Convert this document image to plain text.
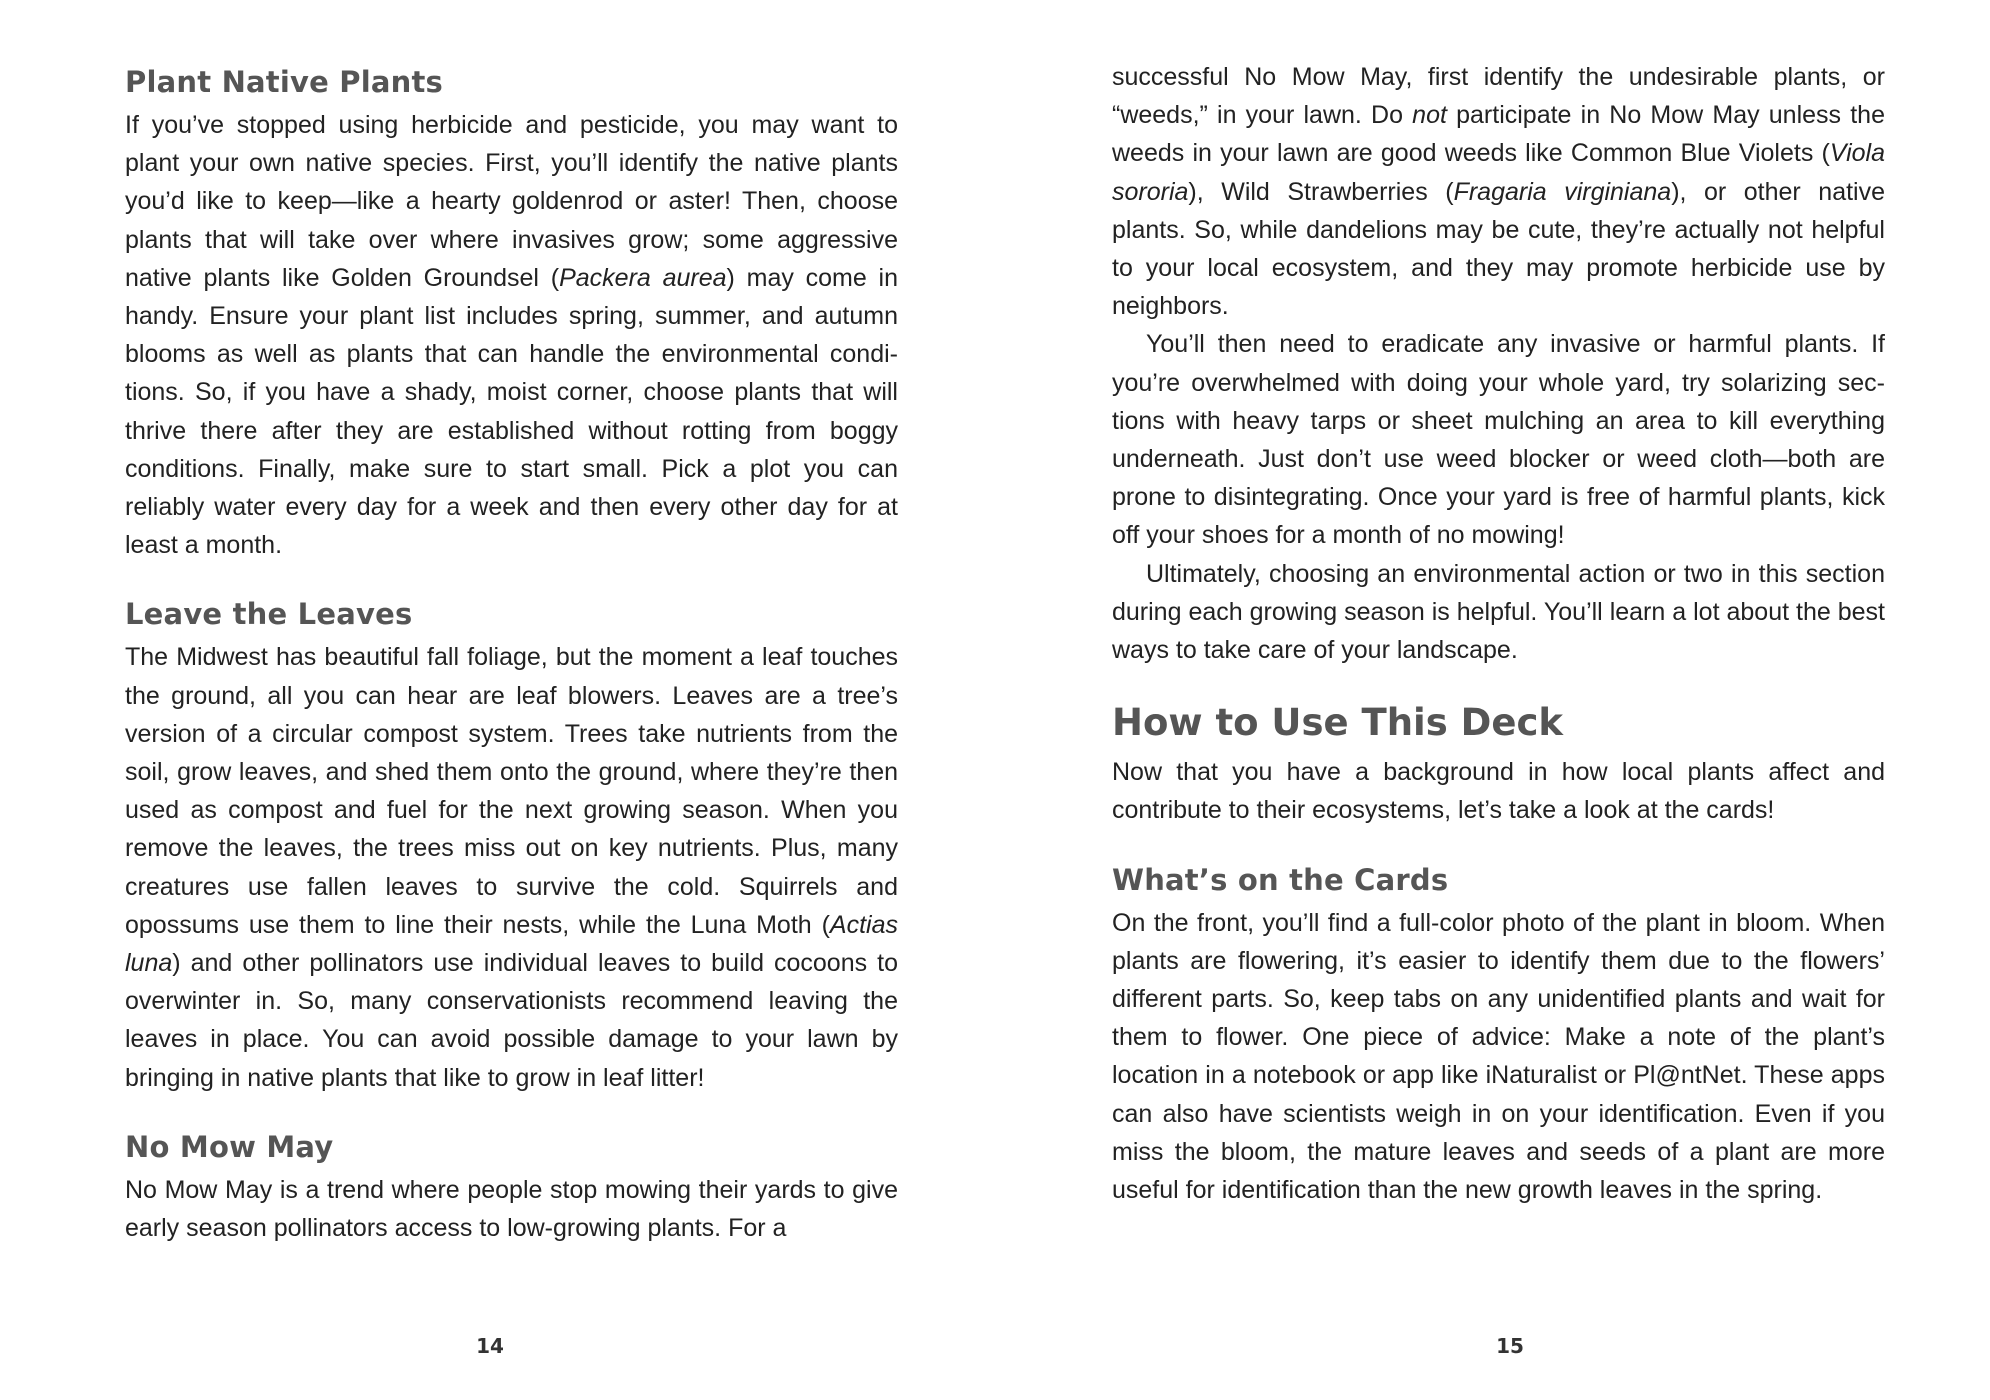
Plant Native Plants

If you’ve stopped using herbicide and pesticide, you may want to plant your own native species. First, you’ll identify the native plants you’d like to keep—like a hearty goldenrod or aster! Then, choose plants that will take over where invasives grow; some aggressive native plants like Golden Groundsel (Packera aurea) may come in handy. Ensure your plant list includes spring, summer, and autumn blooms as well as plants that can handle the environmental conditions. So, if you have a shady, moist corner, choose plants that will thrive there after they are established without rotting from boggy conditions. Finally, make sure to start small. Pick a plot you can reliably water every day for a week and then every other day for at least a month.

Leave the Leaves

The Midwest has beautiful fall foliage, but the moment a leaf touches the ground, all you can hear are leaf blowers. Leaves are a tree’s version of a circular compost system. Trees take nutrients from the soil, grow leaves, and shed them onto the ground, where they’re then used as compost and fuel for the next growing season. When you remove the leaves, the trees miss out on key nutrients. Plus, many creatures use fallen leaves to survive the cold. Squirrels and opossums use them to line their nests, while the Luna Moth (Actias luna) and other pollinators use individual leaves to build cocoons to overwinter in. So, many conservationists recommend leaving the leaves in place. You can avoid possible damage to your lawn by bringing in native plants that like to grow in leaf litter!

No Mow May

No Mow May is a trend where people stop mowing their yards to give early season pollinators access to low-growing plants. For a

14

successful No Mow May, first identify the undesirable plants, or “weeds,” in your lawn. Do not participate in No Mow May unless the weeds in your lawn are good weeds like Common Blue Violets (Viola sororia), Wild Strawberries (Fragaria virginiana), or other native plants. So, while dandelions may be cute, they’re actually not helpful to your local ecosystem, and they may promote herbicide use by neighbors.

You’ll then need to eradicate any invasive or harmful plants. If you’re overwhelmed with doing your whole yard, try solarizing sections with heavy tarps or sheet mulching an area to kill everything underneath. Just don’t use weed blocker or weed cloth—both are prone to disintegrating. Once your yard is free of harmful plants, kick off your shoes for a month of no mowing!

Ultimately, choosing an environmental action or two in this section during each growing season is helpful. You’ll learn a lot about the best ways to take care of your landscape.

How to Use This Deck

Now that you have a background in how local plants affect and contribute to their ecosystems, let’s take a look at the cards!

What’s on the Cards

On the front, you’ll find a full-color photo of the plant in bloom. When plants are flowering, it’s easier to identify them due to the flowers’ different parts. So, keep tabs on any unidentified plants and wait for them to flower. One piece of advice: Make a note of the plant’s location in a notebook or app like iNaturalist or Pl@ntNet. These apps can also have scientists weigh in on your identification. Even if you miss the bloom, the mature leaves and seeds of a plant are more useful for identification than the new growth leaves in the spring.

15
